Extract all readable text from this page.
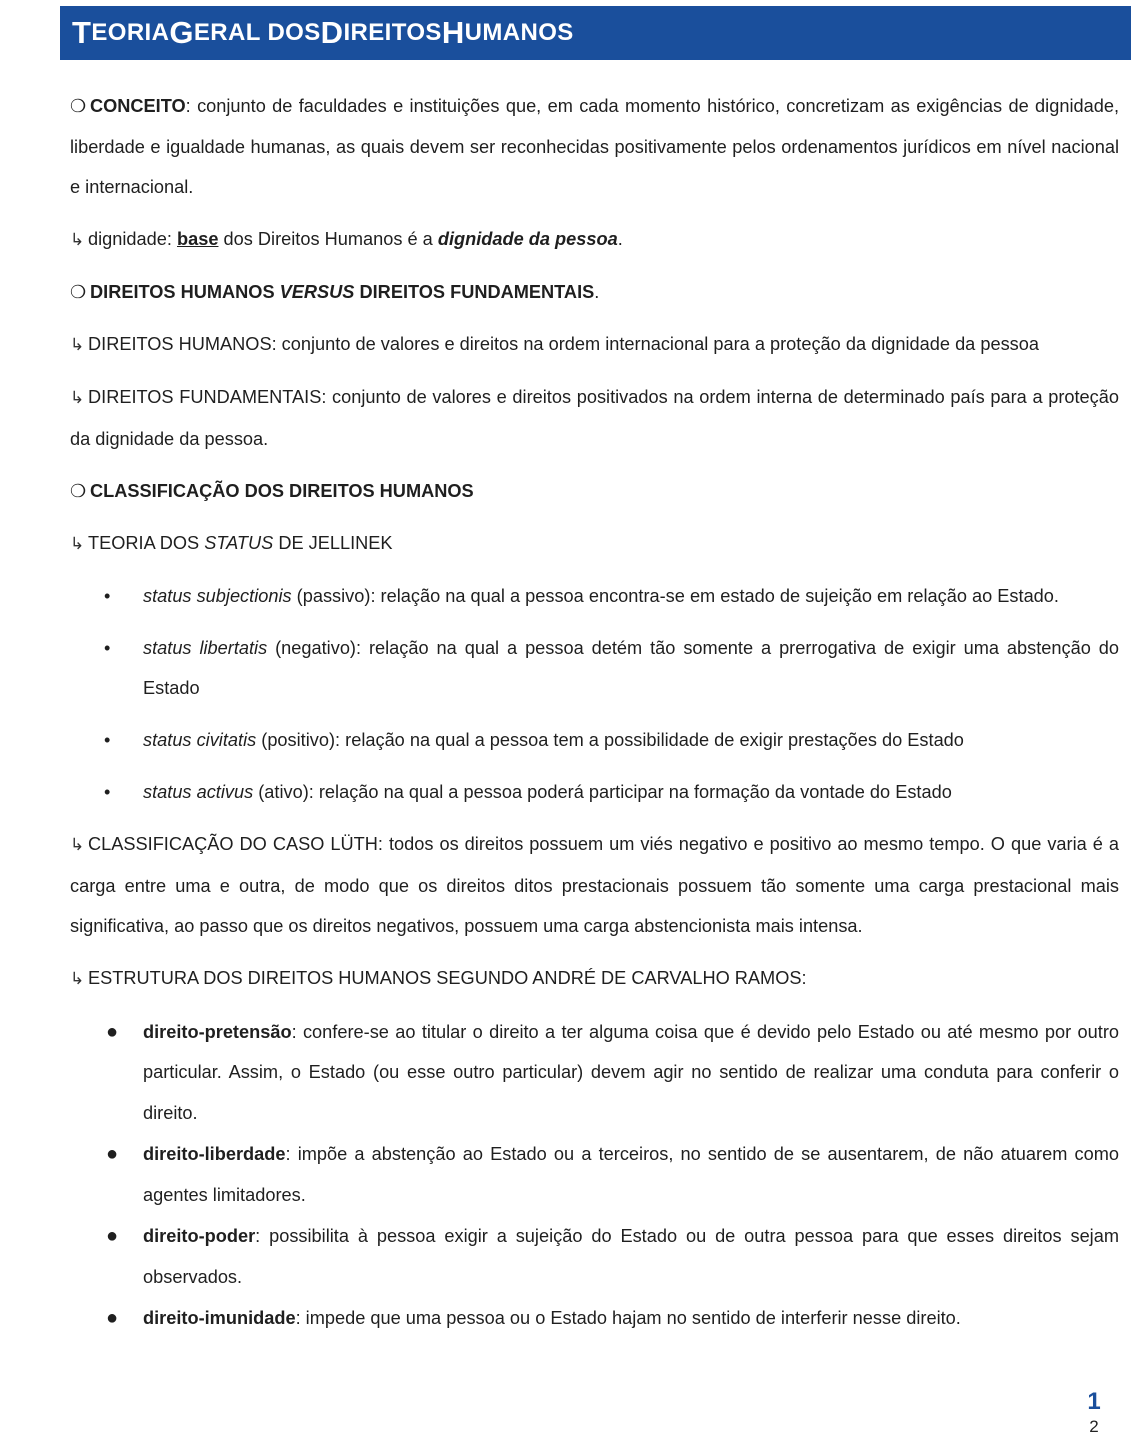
T EORIA G ERAL DOS D IREITOS H UMANOS

❍ CONCEITO: conjunto de faculdades e instituições que, em cada momento histórico, concretizam as exigências de dignidade, liberdade e igualdade humanas, as quais devem ser reconhecidas positivamente pelos ordenamentos jurídicos em nível nacional e internacional.

↳ dignidade: base dos Direitos Humanos é a dignidade da pessoa.

❍ DIREITOS HUMANOS VERSUS DIREITOS FUNDAMENTAIS.

↳ DIREITOS HUMANOS: conjunto de valores e direitos na ordem internacional para a proteção da dignidade da pessoa

↳ DIREITOS FUNDAMENTAIS: conjunto de valores e direitos positivados na ordem interna de determinado país para a proteção da dignidade da pessoa.

❍ CLASSIFICAÇÃO DOS DIREITOS HUMANOS

↳ TEORIA DOS STATUS DE JELLINEK

• status subjectionis (passivo): relação na qual a pessoa encontra-se em estado de sujeição em relação ao Estado.
• status libertatis (negativo): relação na qual a pessoa detém tão somente a prerrogativa de exigir uma abstenção do Estado
• status civitatis (positivo): relação na qual a pessoa tem a possibilidade de exigir prestações do Estado
• status activus (ativo): relação na qual a pessoa poderá participar na formação da vontade do Estado

↳ CLASSIFICAÇÃO DO CASO LÜTH: todos os direitos possuem um viés negativo e positivo ao mesmo tempo. O que varia é a carga entre uma e outra, de modo que os direitos ditos prestacionais possuem tão somente uma carga prestacional mais significativa, ao passo que os direitos negativos, possuem uma carga abstencionista mais intensa.

↳ ESTRUTURA DOS DIREITOS HUMANOS SEGUNDO ANDRÉ DE CARVALHO RAMOS:

● direito-pretensão: confere-se ao titular o direito a ter alguma coisa que é devido pelo Estado ou até mesmo por outro particular. Assim, o Estado (ou esse outro particular) devem agir no sentido de realizar uma conduta para conferir o direito.
● direito-liberdade: impõe a abstenção ao Estado ou a terceiros, no sentido de se ausentarem, de não atuarem como agentes limitadores.
● direito-poder: possibilita à pessoa exigir a sujeição do Estado ou de outra pessoa para que esses direitos sejam observados.
● direito-imunidade: impede que uma pessoa ou o Estado hajam no sentido de interferir nesse direito.
1
2
